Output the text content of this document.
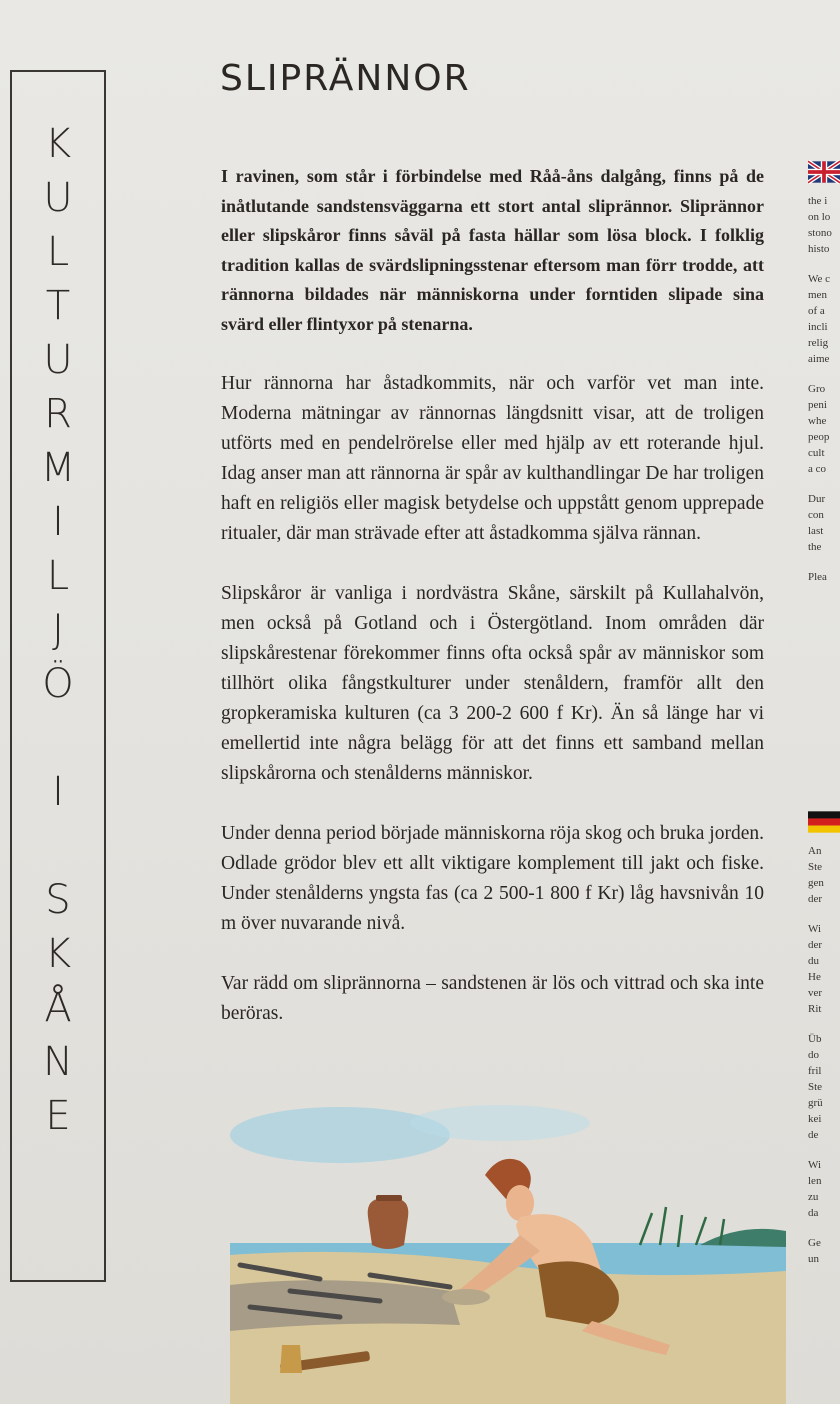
K
U
L
T
U
R
M
I
L
J
Ö
I
S
K
Å
N
E
SLIPRÄNNOR

I ravinen, som står i förbindelse med Råå-åns dalgång, finns på de inåtlutande sandstensväggarna ett stort antal sliprännor. Sliprännor eller slipskåror finns såväl på fasta hällar som lösa block. I folklig tradition kallas de svärdslipningsstenar eftersom man förr trodde, att rännorna bildades när människorna under forntiden slipade sina svärd eller flintyxor på stenarna.

Hur rännorna har åstadkommits, när och varför vet man inte. Moderna mätningar av rännornas längdsnitt visar, att de troligen utförts med en pendelrörelse eller med hjälp av ett roterande hjul. Idag anser man att rännorna är spår av kulthandlingar De har troligen haft en religiös eller magisk betydelse och uppstått genom upprepade ritualer, där man strävade efter att åstadkomma själva rännan.

Slipskåror är vanliga i nordvästra Skåne, särskilt på Kullahalvön, men också på Gotland och i Östergötland. Inom områden där slipskårestenar förekommer finns ofta också spår av människor som tillhört olika fångstkulturer under stenåldern, framför allt den gropkeramiska kulturen (ca 3 200-2 600 f Kr). Än så länge har vi emellertid inte några belägg för att det finns ett samband mellan slipskårorna och stenålderns människor.

Under denna period började människorna röja skog och bruka jorden. Odlade grödor blev ett allt viktigare komplement till jakt och fiske. Under stenålderns yngsta fas (ca 2 500-1 800 f Kr) låg havsnivån 10 m över nuvarande nivå.

Var rädd om sliprännorna – sandstenen är lös och vittrad och ska inte beröras.

the i
on lo
stono
histo

We c
men
of a
incli
relig
aime

Gro
peni
whe
peop
cult
a co

Dur
con
last
the

Plea

An
Ste
gen
der

Wi
der
du
He
ver
Rit

Üb
do
fril
Ste
grü
kei
de

Wi
len
zu
da

Ge
un
